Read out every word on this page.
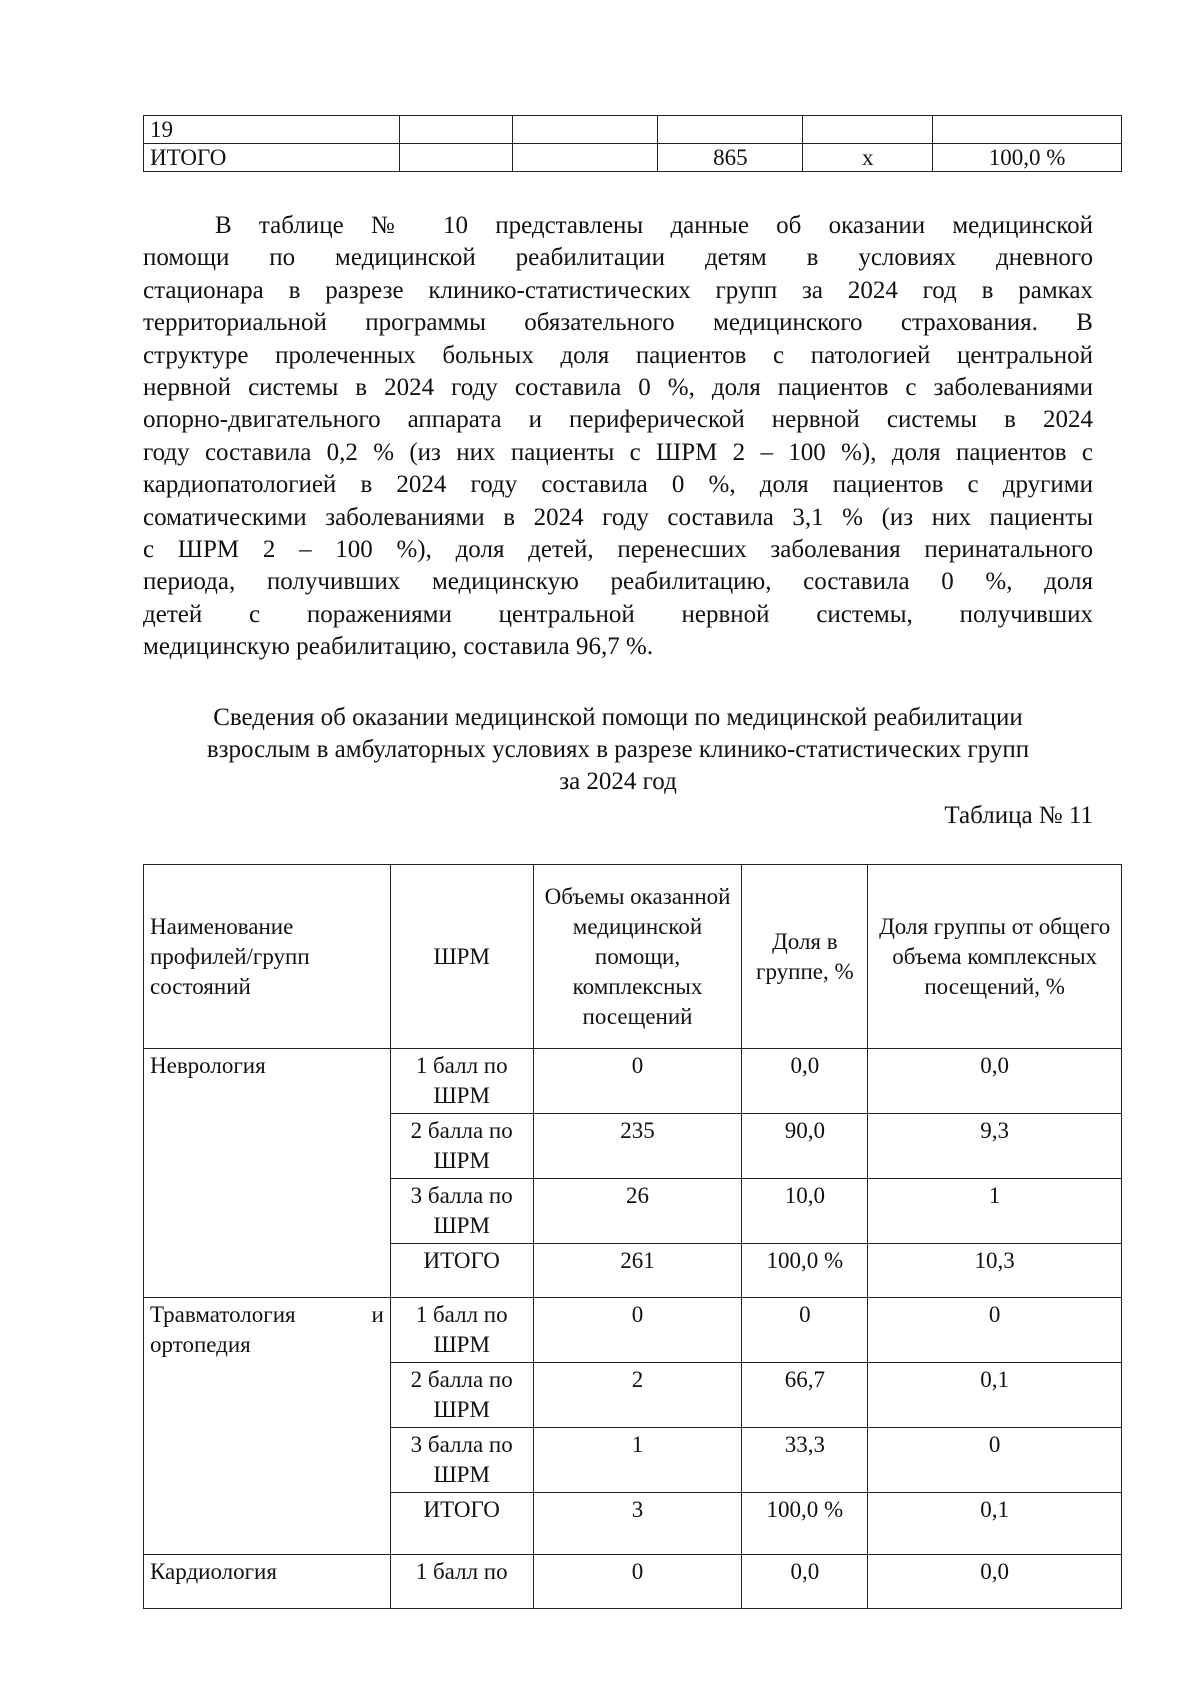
19					
ИТОГО			865	х	100,0 %
В таблице № 10 представлены данные об оказании медицинской
помощи по медицинской реабилитации детям в условиях дневного
стационара в разрезе клинико-статистических групп за 2024 год в рамках
территориальной программы обязательного медицинского страхования. В
структуре пролеченных больных доля пациентов с патологией центральной
нервной системы в 2024 году составила 0 %, доля пациентов с заболеваниями
опорно-двигательного аппарата и периферической нервной системы в 2024
году составила 0,2 % (из них пациенты с ШРМ 2 – 100 %), доля пациентов с
кардиопатологией в 2024 году составила 0 %, доля пациентов с другими
соматическими заболеваниями в 2024 году составила 3,1 % (из них пациенты
с ШРМ 2 – 100 %), доля детей, перенесших заболевания перинатального
периода, получивших медицинскую реабилитацию, составила 0 %, доля
детей с поражениями центральной нервной системы, получивших
медицинскую реабилитацию, составила 96,7 %.
Сведения об оказании медицинской помощи по медицинской реабилитации
взрослым в амбулаторных условиях в разрезе клинико-статистических групп
за 2024 год
Таблица № 11
Наименование профилей/групп состояний	ШРМ	Объемы оказанной медицинской помощи, комплексных посещений	Доля в группе, %	Доля группы от общего объема комплексных посещений, %
Неврология	1 балл по ШРМ	0	0,0	0,0
	2 балла по ШРМ	235	90,0	9,3
	3 балла по ШРМ	26	10,0	1
	ИТОГО	261	100,0 %	10,3

Травматология и
ортопедия	1 балл по ШРМ	0	0	0
	2 балла по ШРМ	2	66,7	0,1
	3 балла по ШРМ	1	33,3	0
	ИТОГО	3	100,0 %	0,1
Кардиология	1 балл по	0	0,0	0,0
